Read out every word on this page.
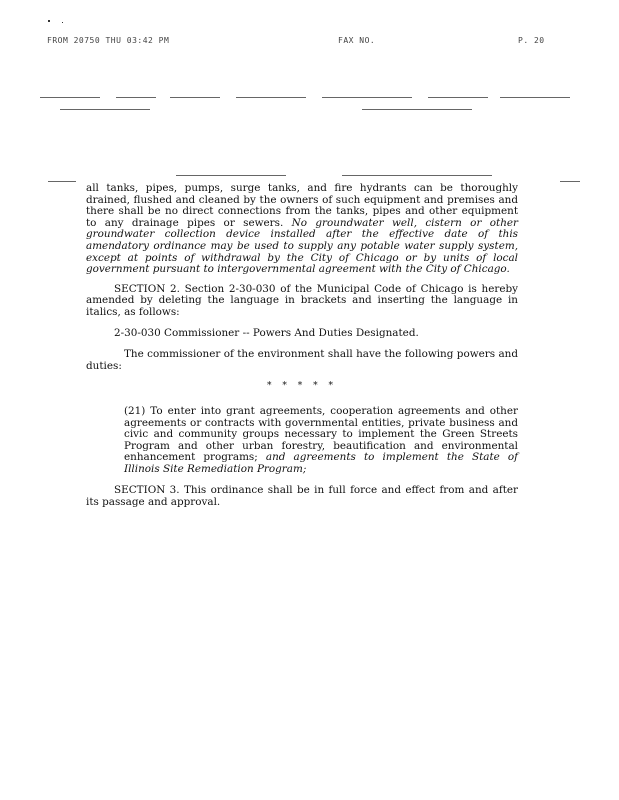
FROM 20750 THU 03:42 PM	FAX NO.	P. 20

all tanks, pipes, pumps, surge tanks, and fire hydrants can be thoroughly drained, flushed and cleaned by the owners of such equipment and premises and there shall be no direct connections from the tanks, pipes and other equipment to any drainage pipes or sewers. No groundwater well, cistern or other groundwater collection device installed after the effective date of this amendatory ordinance may be used to supply any potable water supply system, except at points of withdrawal by the City of Chicago or by units of local government pursuant to intergovernmental agreement with the City of Chicago.

SECTION 2. Section 2-30-030 of the Municipal Code of Chicago is hereby amended by deleting the language in brackets and inserting the language in italics, as follows:

2-30-030 Commissioner -- Powers And Duties Designated.

The commissioner of the environment shall have the following powers and duties:

* * * * *

(21) To enter into grant agreements, cooperation agreements and other agreements or contracts with governmental entities, private business and civic and community groups necessary to implement the Green Streets Program and other urban forestry, beautification and environmental enhancement programs; and agreements to implement the State of Illinois Site Remediation Program;

SECTION 3. This ordinance shall be in full force and effect from and after its passage and approval.
